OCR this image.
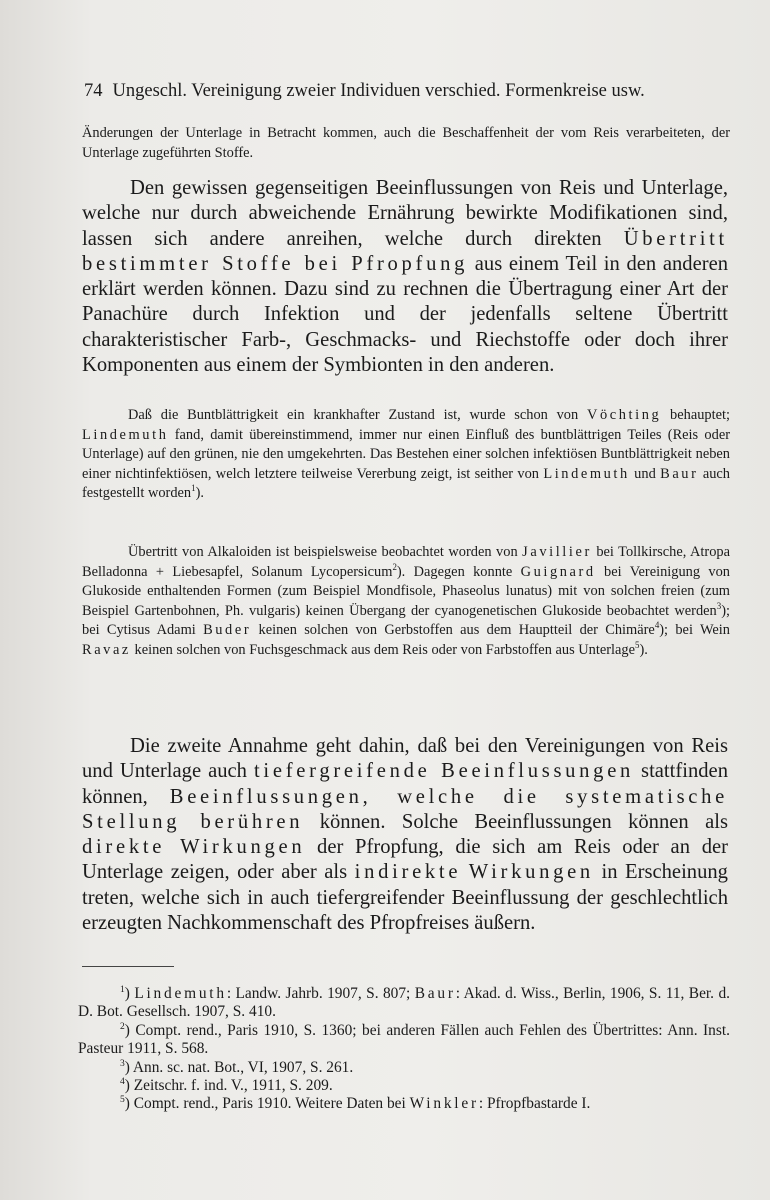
74 Ungeschl. Vereinigung zweier Individuen verschied. Formenkreise usw.

Änderungen der Unterlage in Betracht kommen, auch die Beschaffenheit der vom Reis verarbeiteten, der Unterlage zugeführten Stoffe.

Den gewissen gegenseitigen Beeinflussungen von Reis und Unterlage, welche nur durch abweichende Ernährung bewirkte Modifikationen sind, lassen sich andere anreihen, welche durch direkten Übertritt bestimmter Stoffe bei Pfropfung aus einem Teil in den anderen erklärt werden können. Dazu sind zu rechnen die Übertragung einer Art der Panachüre durch Infektion und der jedenfalls seltene Übertritt charakteristischer Farb-, Geschmacks- und Riechstoffe oder doch ihrer Komponenten aus einem der Symbionten in den anderen.

Daß die Buntblättrigkeit ein krankhafter Zustand ist, wurde schon von Vöchting behauptet; Lindemuth fand, damit übereinstimmend, immer nur einen Einfluß des buntblättrigen Teiles (Reis oder Unterlage) auf den grünen, nie den umgekehrten. Das Bestehen einer solchen infektiösen Buntblättrigkeit neben einer nichtinfektiösen, welch letztere teilweise Vererbung zeigt, ist seither von Lindemuth und Baur auch festgestellt worden$^1$).

Übertritt von Alkaloiden ist beispielsweise beobachtet worden von Javillier bei Tollkirsche, Atropa Belladonna + Liebesapfel, Solanum Lycopersicum$^2$). Dagegen konnte Guignard bei Vereinigung von Glukoside enthaltenden Formen (zum Beispiel Mondfisole, Phaseolus lunatus) mit von solchen freien (zum Beispiel Gartenbohnen, Ph. vulgaris) keinen Übergang der cyanogenetischen Glukoside beobachtet werden$^3$); bei Cytisus Adami Buder keinen solchen von Gerbstoffen aus dem Hauptteil der Chimäre$^4$); bei Wein Ravaz keinen solchen von Fuchsgeschmack aus dem Reis oder von Farbstoffen aus Unterlage$^5$).

Die zweite Annahme geht dahin, daß bei den Vereinigungen von Reis und Unterlage auch tiefergreifende Beeinflussungen stattfinden können, Beeinflussungen, welche die systematische Stellung berühren können. Solche Beeinflussungen können als direkte Wirkungen der Pfropfung, die sich am Reis oder an der Unterlage zeigen, oder aber als indirekte Wirkungen in Erscheinung treten, welche sich in auch tiefergreifender Beeinflussung der geschlechtlich erzeugten Nachkommenschaft des Pfropfreises äußern.

$^1$) Lindemuth: Landw. Jahrb. 1907, S. 807; Baur: Akad. d. Wiss., Berlin, 1906, S. 11, Ber. d. D. Bot. Gesellsch. 1907, S. 410.

$^2$) Compt. rend., Paris 1910, S. 1360; bei anderen Fällen auch Fehlen des Übertrittes: Ann. Inst. Pasteur 1911, S. 568.

$^3$) Ann. sc. nat. Bot., VI, 1907, S. 261.

$^4$) Zeitschr. f. ind. V., 1911, S. 209.

$^5$) Compt. rend., Paris 1910. Weitere Daten bei Winkler: Pfropfbastarde I.
